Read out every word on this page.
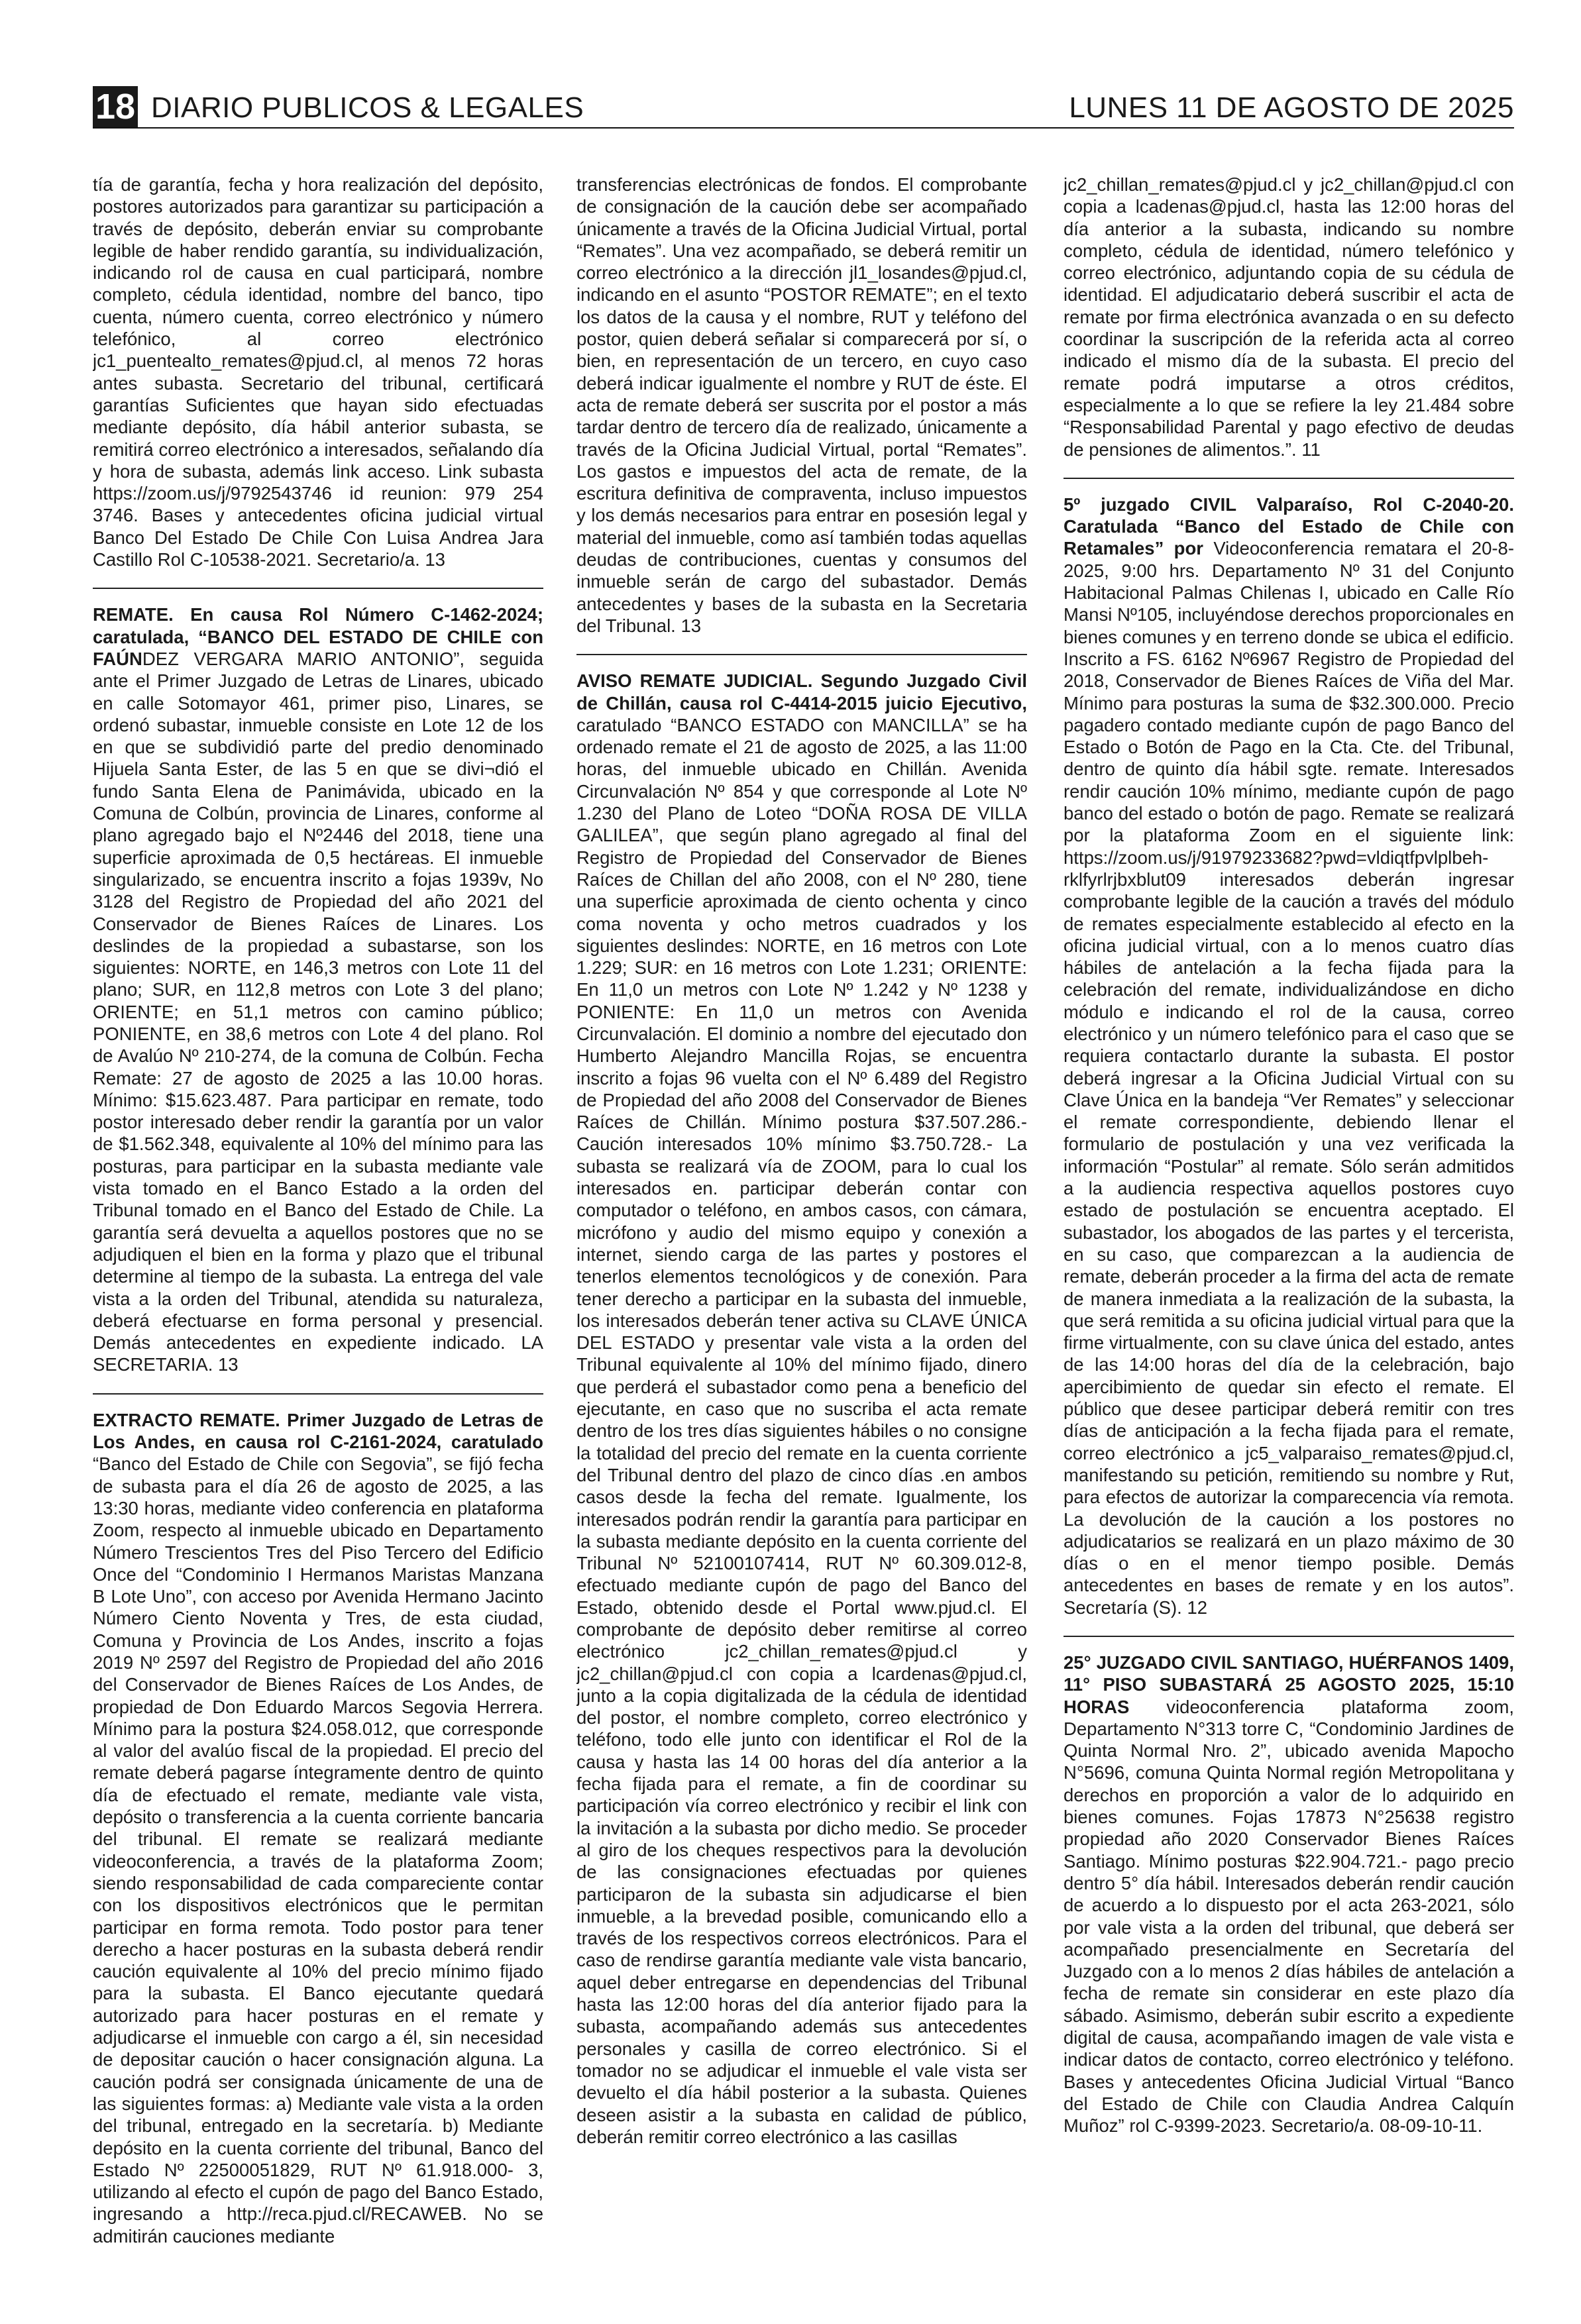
18 DIARIO PUBLICOS & LEGALES	LUNES 11 DE AGOSTO DE 2025

tía de garantía, fecha y hora realización del depósito, postores autorizados para garantizar su participación a través de depósito, deberán enviar su comprobante legible de haber rendido garantía, su individualización, indicando rol de causa en cual participará, nombre completo, cédula identidad, nombre del banco, tipo cuenta, número cuenta, correo electrónico y número telefónico, al correo electrónico jc1_puentealto_remates@pjud.cl, al menos 72 horas antes subasta. Secretario del tribunal, certificará garantías Suficientes que hayan sido efectuadas mediante depósito, día hábil anterior subasta, se remitirá correo electrónico a interesados, señalando día y hora de subasta, además link acceso. Link subasta https://zoom.us/j/9792543746 id reunion: 979 254 3746. Bases y antecedentes oficina judicial virtual Banco Del Estado De Chile Con Luisa Andrea Jara Castillo Rol C-10538-2021. Secretario/a. 13

REMATE. En causa Rol Número C-1462-2024; caratulada, “BANCO DEL ESTADO DE CHILE con FAÚNDEZ VERGARA MARIO ANTONIO”, seguida ante el Primer Juzgado de Letras de Linares, ubicado en calle Sotomayor 461, primer piso, Linares, se ordenó subastar, inmueble consiste en Lote 12 de los en que se subdividió parte del predio denominado Hijuela Santa Ester, de las 5 en que se divi¬dió el fundo Santa Elena de Panimávida, ubicado en la Comuna de Colbún, provincia de Linares, conforme al plano agregado bajo el Nº2446 del 2018, tiene una superficie aproximada de 0,5 hectáreas. El inmueble singularizado, se encuentra inscrito a fojas 1939v, No 3128 del Registro de Propiedad del año 2021 del Conservador de Bienes Raíces de Linares. Los deslindes de la propiedad a subastarse, son los siguientes: NORTE, en 146,3 metros con Lote 11 del plano; SUR, en 112,8 metros con Lote 3 del plano; ORIENTE; en 51,1 metros con camino público; PONIENTE, en 38,6 metros con Lote 4 del plano. Rol de Avalúo Nº 210-274, de la comuna de Colbún. Fecha Remate: 27 de agosto de 2025 a las 10.00 horas. Mínimo: $15.623.487. Para participar en remate, todo postor interesado deber rendir la garantía por un valor de $1.562.348, equivalente al 10% del mínimo para las posturas, para participar en la subasta mediante vale vista tomado en el Banco Estado a la orden del Tribunal tomado en el Banco del Estado de Chile. La garantía será devuelta a aquellos postores que no se adjudiquen el bien en la forma y plazo que el tribunal determine al tiempo de la subasta. La entrega del vale vista a la orden del Tribunal, atendida su naturaleza, deberá efectuarse en forma personal y presencial. Demás antecedentes en expediente indicado. LA SECRETARIA. 13

EXTRACTO REMATE. Primer Juzgado de Letras de Los Andes, en causa rol C-2161-2024, caratulado “Banco del Estado de Chile con Segovia”, se fijó fecha de subasta para el día 26 de agosto de 2025, a las 13:30 horas, mediante video conferencia en plataforma Zoom, respecto al inmueble ubicado en Departamento Número Trescientos Tres del Piso Tercero del Edificio Once del “Condominio I Hermanos Maristas Manzana B Lote Uno”, con acceso por Avenida Hermano Jacinto Número Ciento Noventa y Tres, de esta ciudad, Comuna y Provincia de Los Andes, inscrito a fojas 2019 Nº 2597 del Registro de Propiedad del año 2016 del Conservador de Bienes Raíces de Los Andes, de propiedad de Don Eduardo Marcos Segovia Herrera. Mínimo para la postura $24.058.012, que corresponde al valor del avalúo fiscal de la propiedad. El precio del remate deberá pagarse íntegramente dentro de quinto día de efectuado el remate, mediante vale vista, depósito o transferencia a la cuenta corriente bancaria del tribunal. El remate se realizará mediante videoconferencia, a través de la plataforma Zoom; siendo responsabilidad de cada compareciente contar con los dispositivos electrónicos que le permitan participar en forma remota. Todo postor para tener derecho a hacer posturas en la subasta deberá rendir caución equivalente al 10% del precio mínimo fijado para la subasta. El Banco ejecutante quedará autorizado para hacer posturas en el remate y adjudicarse el inmueble con cargo a él, sin necesidad de depositar caución o hacer consignación alguna. La caución podrá ser consignada únicamente de una de las siguientes formas: a) Mediante vale vista a la orden del tribunal, entregado en la secretaría. b) Mediante depósito en la cuenta corriente del tribunal, Banco del Estado Nº 22500051829, RUT Nº 61.918.000- 3, utilizando al efecto el cupón de pago del Banco Estado, ingresando a http://reca.pjud.cl/RECAWEB. No se admitirán cauciones mediante

transferencias electrónicas de fondos. El comprobante de consignación de la caución debe ser acompañado únicamente a través de la Oficina Judicial Virtual, portal “Remates”. Una vez acompañado, se deberá remitir un correo electrónico a la dirección jl1_losandes@pjud.cl, indicando en el asunto “POSTOR REMATE”; en el texto los datos de la causa y el nombre, RUT y teléfono del postor, quien deberá señalar si comparecerá por sí, o bien, en representación de un tercero, en cuyo caso deberá indicar igualmente el nombre y RUT de éste. El acta de remate deberá ser suscrita por el postor a más tardar dentro de tercero día de realizado, únicamente a través de la Oficina Judicial Virtual, portal “Remates”. Los gastos e impuestos del acta de remate, de la escritura definitiva de compraventa, incluso impuestos y los demás necesarios para entrar en posesión legal y material del inmueble, como así también todas aquellas deudas de contribuciones, cuentas y consumos del inmueble serán de cargo del subastador. Demás antecedentes y bases de la subasta en la Secretaria del Tribunal. 13

AVISO REMATE JUDICIAL. Segundo Juzgado Civil de Chillán, causa rol C-4414-2015 juicio Ejecutivo, caratulado “BANCO ESTADO con MANCILLA” se ha ordenado remate el 21 de agosto de 2025, a las 11:00 horas, del inmueble ubicado en Chillán. Avenida Circunvalación Nº 854 y que corresponde al Lote Nº 1.230 del Plano de Loteo “DOÑA ROSA DE VILLA GALILEA”, que según plano agregado al final del Registro de Propiedad del Conservador de Bienes Raíces de Chillan del año 2008, con el Nº 280, tiene una superficie aproximada de ciento ochenta y cinco coma noventa y ocho metros cuadrados y los siguientes deslindes: NORTE, en 16 metros con Lote 1.229; SUR: en 16 metros con Lote 1.231; ORIENTE: En 11,0 un metros con Lote Nº 1.242 y Nº 1238 y PONIENTE: En 11,0 un metros con Avenida Circunvalación. El dominio a nombre del ejecutado don Humberto Alejandro Mancilla Rojas, se encuentra inscrito a fojas 96 vuelta con el Nº 6.489 del Registro de Propiedad del año 2008 del Conservador de Bienes Raíces de Chillán. Mínimo postura $37.507.286.- Caución interesados 10% mínimo $3.750.728.- La subasta se realizará vía de ZOOM, para lo cual los interesados en. participar deberán contar con computador o teléfono, en ambos casos, con cámara, micrófono y audio del mismo equipo y conexión a internet, siendo carga de las partes y postores el tenerlos elementos tecnológicos y de conexión. Para tener derecho a participar en la subasta del inmueble, los interesados deberán tener activa su CLAVE ÚNICA DEL ESTADO y presentar vale vista a la orden del Tribunal equivalente al 10% del mínimo fijado, dinero que perderá el subastador como pena a beneficio del ejecutante, en caso que no suscriba el acta remate dentro de los tres días siguientes hábiles o no consigne la totalidad del precio del remate en la cuenta corriente del Tribunal dentro del plazo de cinco días .en ambos casos desde la fecha del remate. Igualmente, los interesados podrán rendir la garantía para participar en la subasta mediante depósito en la cuenta corriente del Tribunal Nº 52100107414, RUT Nº 60.309.012-8, efectuado mediante cupón de pago del Banco del Estado, obtenido desde el Portal www.pjud.cl. El comprobante de depósito deber remitirse al correo electrónico jc2_chillan_remates@pjud.cl y jc2_chillan@pjud.cl con copia a lcardenas@pjud.cl, junto a la copia digitalizada de la cédula de identidad del postor, el nombre completo, correo electrónico y teléfono, todo elle junto con identificar el Rol de la causa y hasta las 14 00 horas del día anterior a la fecha fijada para el remate, a fin de coordinar su participación vía correo electrónico y recibir el link con la invitación a la subasta por dicho medio. Se proceder al giro de los cheques respectivos para la devolución de las consignaciones efectuadas por quienes participaron de la subasta sin adjudicarse el bien inmueble, a la brevedad posible, comunicando ello a través de los respectivos correos electrónicos. Para el caso de rendirse garantía mediante vale vista bancario, aquel deber entregarse en dependencias del Tribunal hasta las 12:00 horas del día anterior fijado para la subasta, acompañando además sus antecedentes personales y casilla de correo electrónico. Si el tomador no se adjudicar el inmueble el vale vista ser devuelto el día hábil posterior a la subasta. Quienes deseen asistir a la subasta en calidad de público, deberán remitir correo electrónico a las casillas

jc2_chillan_remates@pjud.cl y jc2_chillan@pjud.cl con copia a lcadenas@pjud.cl, hasta las 12:00 horas del día anterior a la subasta, indicando su nombre completo, cédula de identidad, número telefónico y correo electrónico, adjuntando copia de su cédula de identidad. El adjudicatario deberá suscribir el acta de remate por firma electrónica avanzada o en su defecto coordinar la suscripción de la referida acta al correo indicado el mismo día de la subasta. El precio del remate podrá imputarse a otros créditos, especialmente a lo que se refiere la ley 21.484 sobre “Responsabilidad Parental y pago efectivo de deudas de pensiones de alimentos.”. 11

5º juzgado CIVIL Valparaíso, Rol C-2040-20. Caratulada “Banco del Estado de Chile con Retamales” por Videoconferencia rematara el 20-8-2025, 9:00 hrs. Departamento Nº 31 del Conjunto Habitacional Palmas Chilenas I, ubicado en Calle Río Mansi Nº105, incluyéndose derechos proporcionales en bienes comunes y en terreno donde se ubica el edificio. Inscrito a FS. 6162 Nº6967 Registro de Propiedad del 2018, Conservador de Bienes Raíces de Viña del Mar. Mínimo para posturas la suma de $32.300.000. Precio pagadero contado mediante cupón de pago Banco del Estado o Botón de Pago en la Cta. Cte. del Tribunal, dentro de quinto día hábil sgte. remate. Interesados rendir caución 10% mínimo, mediante cupón de pago banco del estado o botón de pago. Remate se realizará por la plataforma Zoom en el siguiente link: https://zoom.us/j/91979233682?pwd=vldiqtfpvlplbeh-rklfyrlrjbxblut09 interesados deberán ingresar comprobante legible de la caución a través del módulo de remates especialmente establecido al efecto en la oficina judicial virtual, con a lo menos cuatro días hábiles de antelación a la fecha fijada para la celebración del remate, individualizándose en dicho módulo e indicando el rol de la causa, correo electrónico y un número telefónico para el caso que se requiera contactarlo durante la subasta. El postor deberá ingresar a la Oficina Judicial Virtual con su Clave Única en la bandeja “Ver Remates” y seleccionar el remate correspondiente, debiendo llenar el formulario de postulación y una vez verificada la información “Postular” al remate. Sólo serán admitidos a la audiencia respectiva aquellos postores cuyo estado de postulación se encuentra aceptado. El subastador, los abogados de las partes y el tercerista, en su caso, que comparezcan a la audiencia de remate, deberán proceder a la firma del acta de remate de manera inmediata a la realización de la subasta, la que será remitida a su oficina judicial virtual para que la firme virtualmente, con su clave única del estado, antes de las 14:00 horas del día de la celebración, bajo apercibimiento de quedar sin efecto el remate. El público que desee participar deberá remitir con tres días de anticipación a la fecha fijada para el remate, correo electrónico a jc5_valparaiso_remates@pjud.cl, manifestando su petición, remitiendo su nombre y Rut, para efectos de autorizar la comparecencia vía remota. La devolución de la caución a los postores no adjudicatarios se realizará en un plazo máximo de 30 días o en el menor tiempo posible. Demás antecedentes en bases de remate y en los autos”. Secretaría (S). 12

25° JUZGADO CIVIL SANTIAGO, HUÉRFANOS 1409, 11° PISO SUBASTARÁ 25 AGOSTO 2025, 15:10 HORAS videoconferencia plataforma zoom, Departamento N°313 torre C, “Condominio Jardines de Quinta Normal Nro. 2”, ubicado avenida Mapocho N°5696, comuna Quinta Normal región Metropolitana y derechos en proporción a valor de lo adquirido en bienes comunes. Fojas 17873 N°25638 registro propiedad año 2020 Conservador Bienes Raíces Santiago. Mínimo posturas $22.904.721.- pago precio dentro 5° día hábil. Interesados deberán rendir caución de acuerdo a lo dispuesto por el acta 263-2021, sólo por vale vista a la orden del tribunal, que deberá ser acompañado presencialmente en Secretaría del Juzgado con a lo menos 2 días hábiles de antelación a fecha de remate sin considerar en este plazo día sábado. Asimismo, deberán subir escrito a expediente digital de causa, acompañando imagen de vale vista e indicar datos de contacto, correo electrónico y teléfono. Bases y antecedentes Oficina Judicial Virtual “Banco del Estado de Chile con Claudia Andrea Calquín Muñoz” rol C-9399-2023. Secretario/a. 08-09-10-11.
